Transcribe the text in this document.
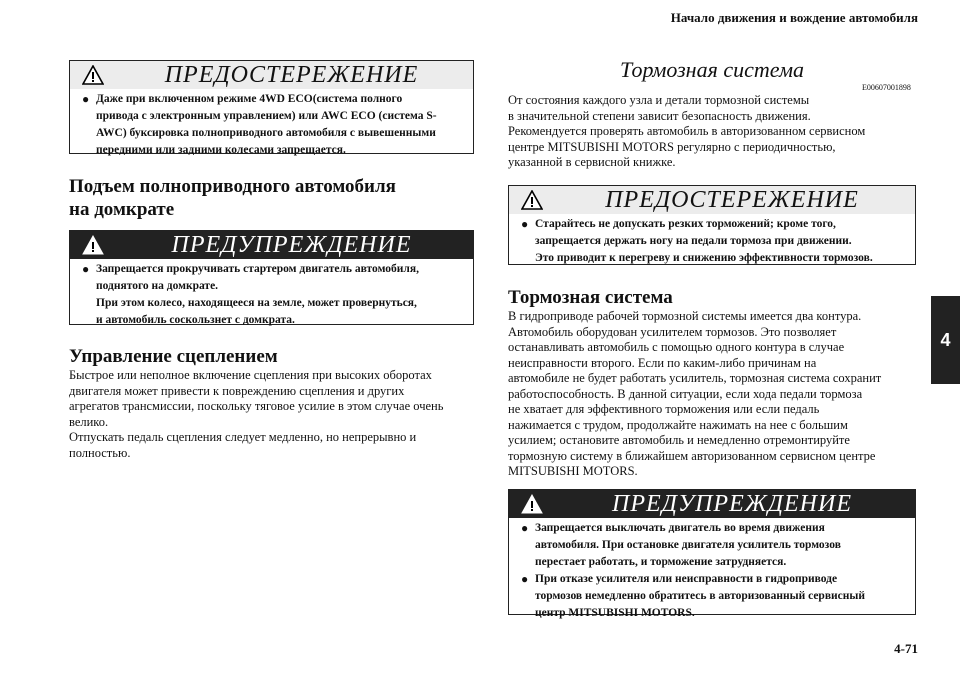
Начало движения и вождение автомобиля
4
ПРЕДОСТЕРЕЖЕНИЕ
● Даже при включенном режиме 4WD ECO(система полного
привода с электронным управлением) или AWC ECO (система S-
AWC) буксировка полноприводного автомобиля с вывешенными
передними или задними колесами запрещается.
Подъем полноприводного автомобиля
на домкрате
ПРЕДУПРЕЖДЕНИЕ
● Запрещается прокручивать стартером двигатель автомобиля,
поднятого на домкрате.
При этом колесо, находящееся на земле, может провернуться,
и автомобиль соскользнет с домкрата.
Управление сцеплением
Быстрое или неполное включение сцепления при высоких оборотах
двигателя может привести к повреждению сцепления и других
агрегатов трансмиссии, поскольку тяговое усилие в этом случае очень
велико.
Отпускать педаль сцепления следует медленно, но непрерывно и
полностью.
Тормозная система
E00607001898
От состояния каждого узла и детали тормозной системы
в значительной степени зависит безопасность движения.
Рекомендуется проверять автомобиль в авторизованном сервисном
центре MITSUBISHI MOTORS регулярно с периодичностью,
указанной в сервисной книжке.
ПРЕДОСТЕРЕЖЕНИЕ
● Старайтесь не допускать резких торможений; кроме того,
запрещается держать ногу на педали тормоза при движении.
Это приводит к перегреву и снижению эффективности тормозов.
Тормозная система
В гидроприводе рабочей тормозной системы имеется два контура.
Автомобиль оборудован усилителем тормозов. Это позволяет
останавливать автомобиль с помощью одного контура в случае
неисправности второго. Если по каким-либо причинам на
автомобиле не будет работать усилитель, тормозная система сохранит
работоспособность. В данной ситуации, если хода педали тормоза
не хватает для эффективного торможения или если педаль
нажимается с трудом, продолжайте нажимать на нее с большим
усилием; остановите автомобиль и немедленно отремонтируйте
тормозную систему в ближайшем авторизованном сервисном центре
MITSUBISHI MOTORS.
ПРЕДУПРЕЖДЕНИЕ
● Запрещается выключать двигатель во время движения
автомобиля. При остановке двигателя усилитель тормозов
перестает работать, и торможение затрудняется.
● При отказе усилителя или неисправности в гидроприводе
тормозов немедленно обратитесь в авторизованный сервисный
центр MITSUBISHI MOTORS.
4-71
